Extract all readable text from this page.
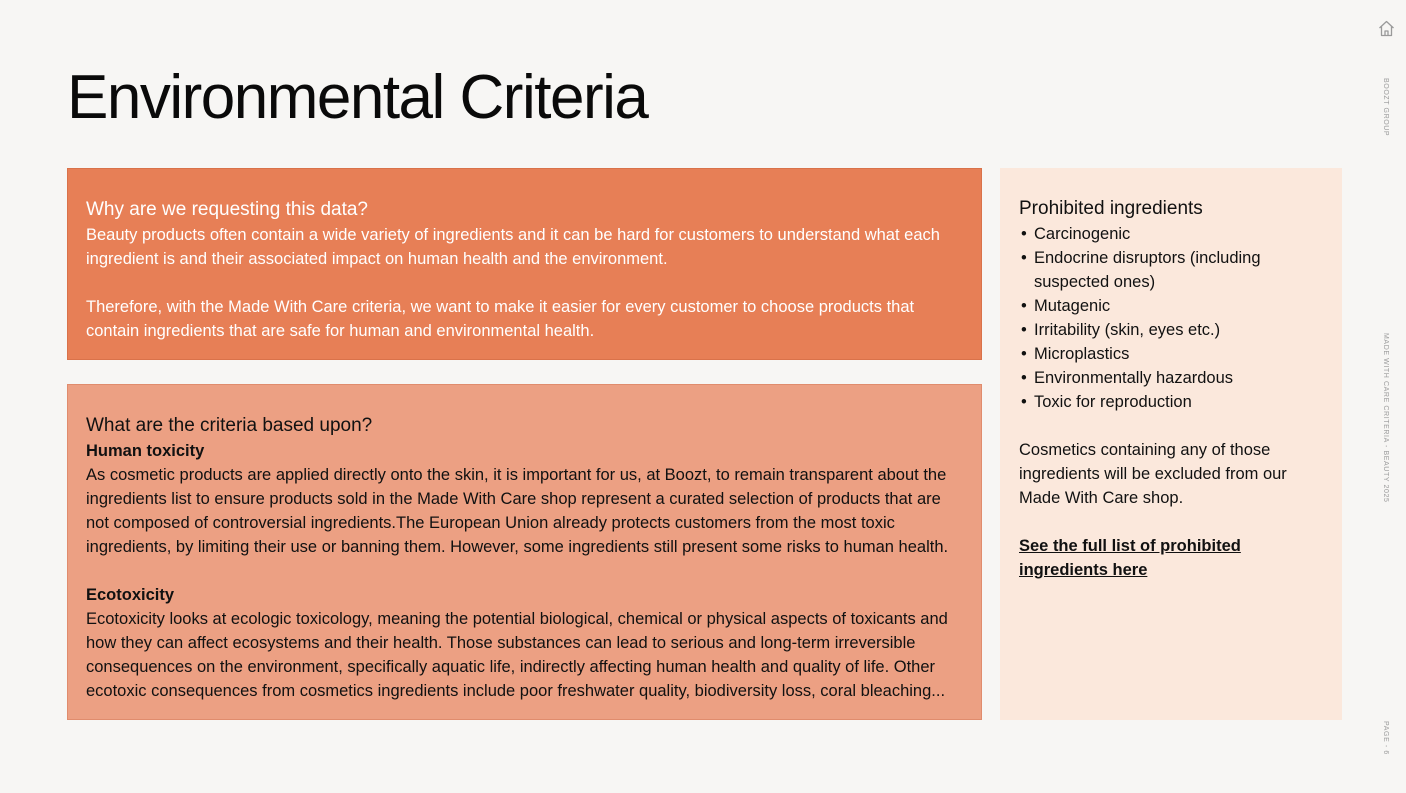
Environmental Criteria
Why are we requesting this data?

Beauty products often contain a wide variety of ingredients and it can be hard for customers to understand what each ingredient is and their associated impact on human health and the environment.

Therefore, with the Made With Care criteria, we want to make it easier for every customer to choose products that contain ingredients that are safe for human and environmental health.

What are the criteria based upon?

Human toxicity

As cosmetic products are applied directly onto the skin, it is important for us, at Boozt, to remain transparent about the ingredients list to ensure products sold in the Made With Care shop represent a curated selection of products that are not composed of controversial ingredients.The European Union already protects customers from the most toxic ingredients, by limiting their use or banning them. However, some ingredients still present some risks to human health.

Ecotoxicity

Ecotoxicity looks at ecologic toxicology, meaning the potential biological, chemical or physical aspects of toxicants and how they can affect ecosystems and their health. Those substances can lead to serious and long-term irreversible consequences on the environment, specifically aquatic life, indirectly affecting human health and quality of life. Other ecotoxic consequences from cosmetics ingredients include poor freshwater quality, biodiversity loss, coral bleaching...

Prohibited ingredients
• Carcinogenic
• Endocrine disruptors (including suspected ones)
• Mutagenic
• Irritability (skin, eyes etc.)
• Microplastics
• Environmentally hazardous
• Toxic for reproduction

Cosmetics containing any of those ingredients will be excluded from our Made With Care shop.

See the full list of prohibited ingredients here
BOOZT GROUP
MADE WITH CARE CRITERIA - BEAUTY 2025
PAGE - 6
